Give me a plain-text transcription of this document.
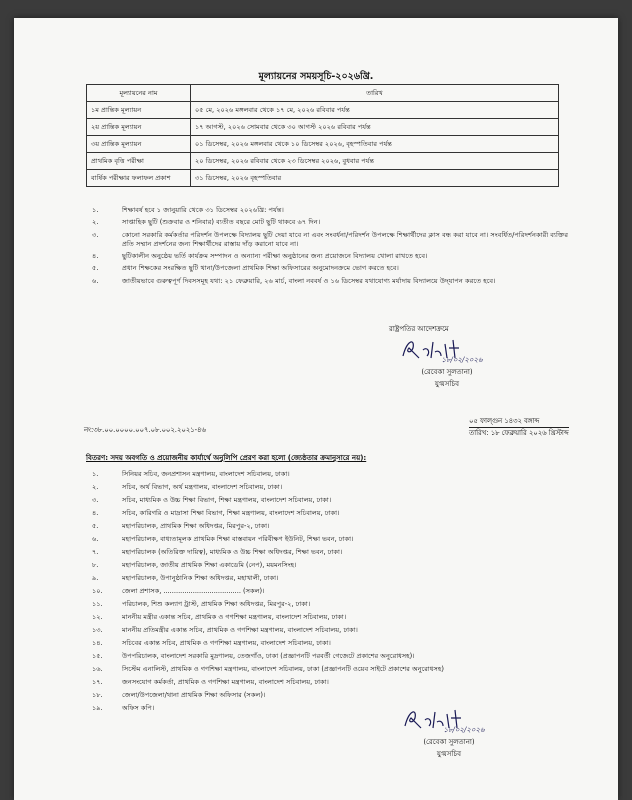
মূল্যায়নের সময়সূচি-২০২৬খ্রি.
মূল্যায়নের নাম	তারিখ
১ম প্রান্তিক মূল্যায়ন	০৫ মে, ২০২৬ মঙ্গলবার থেকে ১৭ মে, ২০২৬ রবিবার পর্যন্ত
২য় প্রান্তিক মূল্যায়ন	১৭ আগস্ট, ২০২৬ সোমবার থেকে ৩০ আগস্ট ২০২৬ রবিবার পর্যন্ত
৩য় প্রান্তিক মূল্যায়ন	০১ ডিসেম্বর, ২০২৬ মঙ্গলবার থেকে ১০ ডিসেম্বর ২০২৬, বৃহস্পতিবার পর্যন্ত
প্রাথমিক বৃত্তি পরীক্ষা	২০ ডিসেম্বর, ২০২৬ রবিবার থেকে ২৩ ডিসেম্বর ২০২৬, বুধবার পর্যন্ত
বার্ষিক পরীক্ষার ফলাফল প্রকাশ	৩১ ডিসেম্বর, ২০২৬ বৃহস্পতিবার
১.	শিক্ষাবর্ষ হবে ১ জানুয়ারি থেকে ৩১ ডিসেম্বর ২০২৬খ্রি: পর্যন্ত।
২.	সাপ্তাহিক ছুটি (শুক্রবার ও শনিবার) ব্যতীত বছরে মোট ছুটি থাকবে ৬৭ দিন।
৩.	কোনো সরকারি কর্মকর্তার পরিদর্শন উপলক্ষে বিদ্যালয় ছুটি দেয়া যাবে না এবং সংবর্ধনা/পরিদর্শন উপলক্ষে শিক্ষার্থীদের ক্লাস বন্ধ করা যাবে না। সংবর্ধিত/পরিদর্শনকারী ব্যক্তির প্রতি সম্মান প্রদর্শনের জন্য শিক্ষার্থীদের রাস্তায় দাঁড় করানো যাবে না।
৪.	ছুটিকালীন অনুষ্ঠেয় ভর্তি কার্যক্রম সম্পাদন ও অন্যান্য পরীক্ষা অনুষ্ঠানের জন্য প্রয়োজনে বিদ্যালয় খোলা রাখতে হবে।
৫.	প্রধান শিক্ষকের সংরক্ষিত ছুটি থানা/উপজেলা প্রাথমিক শিক্ষা অফিসারের অনুমোদনক্রমে ভোগ করতে হবে।
৬.	জাতীয়ভাবে গুরুত্বপূর্ণ দিবসসমূহ যথা: ২১ ফেব্রুয়ারি, ২৬ মার্চ, বাংলা নববর্ষ ও ১৬ ডিসেম্বর যথাযোগ্য মর্যাদায় বিদ্যালয়ে উদ্‌যাপন করতে হবে।
রাষ্ট্রপতির আদেশক্রমে
১৮/০২/২০২৬
(রেবেকা সুলতানা)
যুগ্মসচিব
নং:৩৮.০০.০০০০.০০৭.০৮.০০২.২০২১-৪৬
০৫ ফাল্গুন ১৪৩২ বঙ্গাব্দ
তারিখ: ১৮ ফেব্রুয়ারি ২০২৬ খ্রিস্টাব্দ
বিতরণ: সদয় অবগতি ও প্রয়োজনীয় কার্যার্থে অনুলিপি প্রেরণ করা হলো (জ্যেষ্ঠতার ক্রমানুসারে নয়):
১.	সিনিয়র সচিব, জনপ্রশাসন মন্ত্রণালয়, বাংলাদেশ সচিবালয়, ঢাকা।
২.	সচিব, অর্থ বিভাগ, অর্থ মন্ত্রণালয়, বাংলাদেশ সচিবালয়, ঢাকা।
৩.	সচিব, মাধ্যমিক ও উচ্চ শিক্ষা বিভাগ, শিক্ষা মন্ত্রণালয়, বাংলাদেশ সচিবালয়, ঢাকা।
৪.	সচিব, কারিগরি ও মাদ্রাসা শিক্ষা বিভাগ, শিক্ষা মন্ত্রণালয়, বাংলাদেশ সচিবালয়, ঢাকা।
৫.	মহাপরিচালক, প্রাথমিক শিক্ষা অধিদপ্তর, মিরপুর-২, ঢাকা।
৬.	মহাপরিচালক, বাধ্যতামূলক প্রাথমিক শিক্ষা বাস্তবায়ন পরিবীক্ষণ ইউনিট, শিক্ষা ভবন, ঢাকা।
৭.	মহাপরিচালক (অতিরিক্ত দায়িত্ব), মাধ্যমিক ও উচ্চ শিক্ষা অধিদপ্তর, শিক্ষা ভবন, ঢাকা।
৮.	মহাপরিচালক, জাতীয় প্রাথমিক শিক্ষা একাডেমি (নেপ), ময়মনসিংহ।
৯.	মহাপরিচালক, উপানুষ্ঠানিক শিক্ষা অধিদপ্তর, মহাখালী, ঢাকা।
১০.	জেলা প্রশাসক, ..................................... (সকল)।
১১.	পরিচালক, শিশু কল্যাণ ট্রাস্ট, প্রাথমিক শিক্ষা অধিদপ্তর, মিরপুর-২, ঢাকা।
১২.	মাননীয় মন্ত্রীর একান্ত সচিব, প্রাথমিক ও গণশিক্ষা মন্ত্রণালয়, বাংলাদেশ সচিবালয়, ঢাকা।
১৩.	মাননীয় প্রতিমন্ত্রীর একান্ত সচিব, প্রাথমিক ও গণশিক্ষা মন্ত্রণালয়, বাংলাদেশ সচিবালয়, ঢাকা।
১৪.	সচিবের একান্ত সচিব, প্রাথমিক ও গণশিক্ষা মন্ত্রণালয়, বাংলাদেশ সচিবালয়, ঢাকা।
১৫.	উপপরিচালক, বাংলাদেশ সরকারি মুদ্রণালয়, তেজগাঁও, ঢাকা (প্রজ্ঞাপনটি পরবর্তী গেজেটে প্রকাশের অনুরোধসহ)।
১৬.	সিস্টেম এনালিস্ট, প্রাথমিক ও গণশিক্ষা মন্ত্রণালয়, বাংলাদেশ সচিবালয়, ঢাকা (প্রজ্ঞাপনটি ওয়েব সাইটে প্রকাশের অনুরোধসহ)
১৭.	জনসংযোগ কর্মকর্তা, প্রাথমিক ও গণশিক্ষা মন্ত্রণালয়, বাংলাদেশ সচিবালয়, ঢাকা।
১৮.	জেলা/উপজেলা/থানা প্রাথমিক শিক্ষা অফিসার (সকল)।
১৯.	অফিস কপি।
১৮/০২/২০২৬
(রেবেকা সুলতানা)
যুগ্মসচিব
